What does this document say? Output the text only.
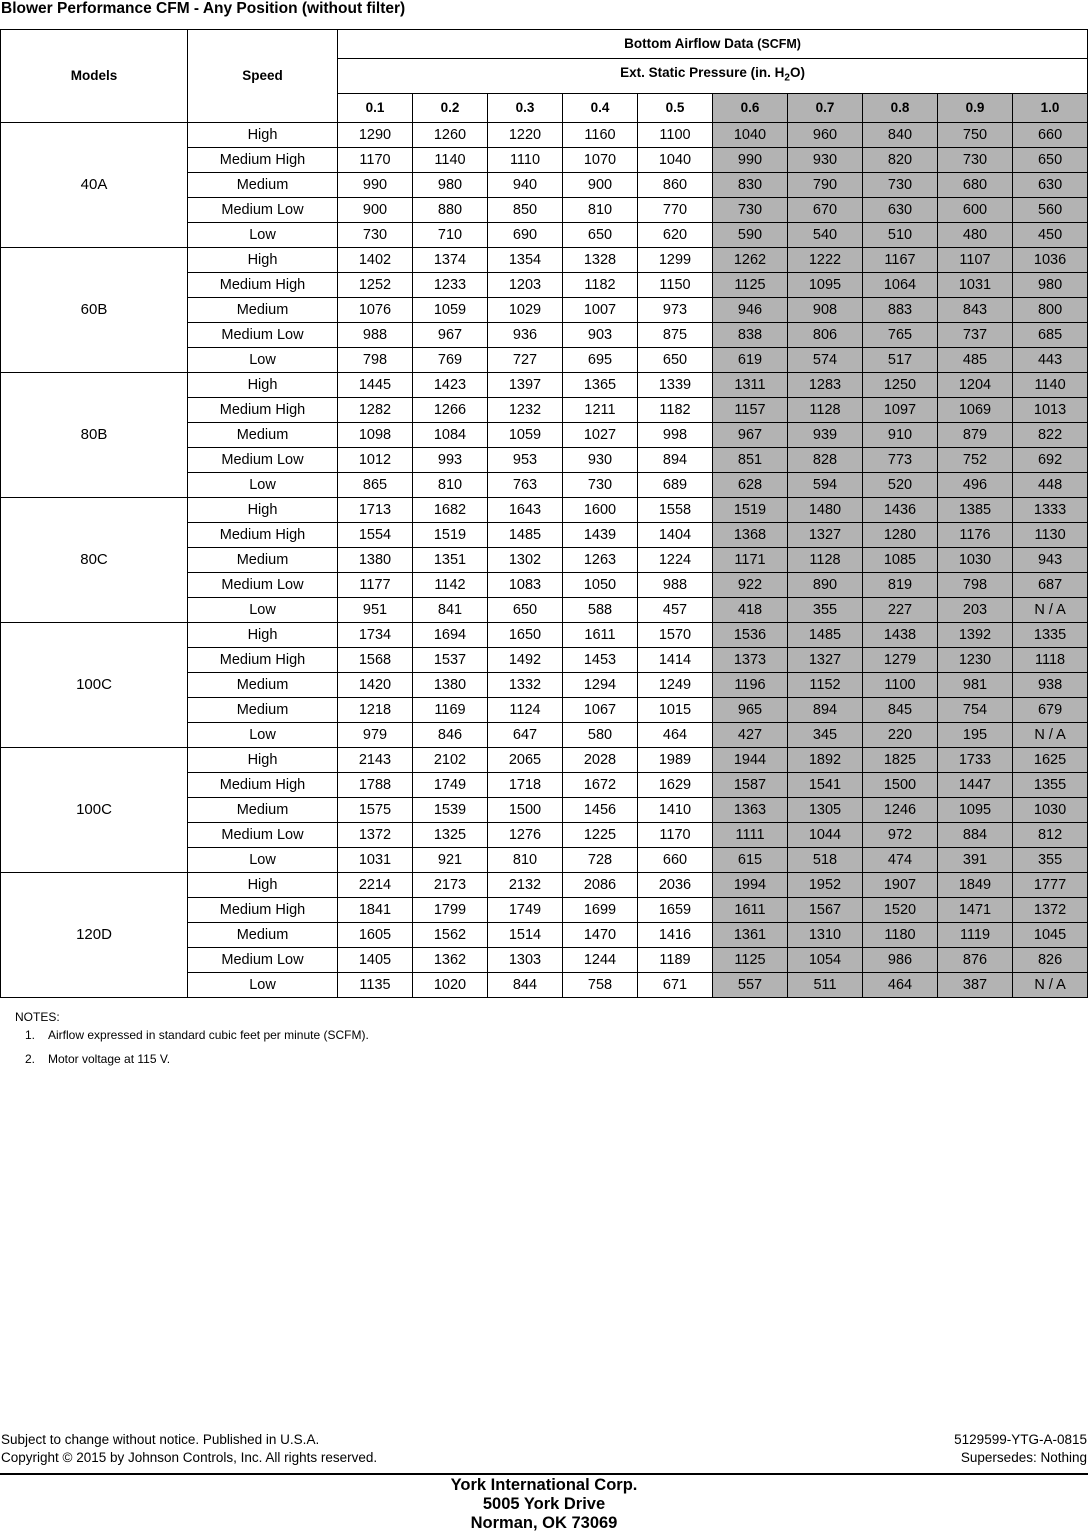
Blower Performance CFM - Any Position (without filter)
Models	Speed	Bottom Airflow Data (SCFM)									
		Ext. Static Pressure (in. $H_2O$)									
		0.1	0.2	0.3	0.4	0.5	0.6	0.7	0.8	0.9	1.0
40A	High	1290	1260	1220	1160	1100	1040	960	840	750	660
	Medium High	1170	1140	1110	1070	1040	990	930	820	730	650
	Medium	990	980	940	900	860	830	790	730	680	630
	Medium Low	900	880	850	810	770	730	670	630	600	560
	Low	730	710	690	650	620	590	540	510	480	450
60B	High	1402	1374	1354	1328	1299	1262	1222	1167	1107	1036
	Medium High	1252	1233	1203	1182	1150	1125	1095	1064	1031	980
	Medium	1076	1059	1029	1007	973	946	908	883	843	800
	Medium Low	988	967	936	903	875	838	806	765	737	685
	Low	798	769	727	695	650	619	574	517	485	443
80B	High	1445	1423	1397	1365	1339	1311	1283	1250	1204	1140
	Medium High	1282	1266	1232	1211	1182	1157	1128	1097	1069	1013
	Medium	1098	1084	1059	1027	998	967	939	910	879	822
	Medium Low	1012	993	953	930	894	851	828	773	752	692
	Low	865	810	763	730	689	628	594	520	496	448
80C	High	1713	1682	1643	1600	1558	1519	1480	1436	1385	1333
	Medium High	1554	1519	1485	1439	1404	1368	1327	1280	1176	1130
	Medium	1380	1351	1302	1263	1224	1171	1128	1085	1030	943
	Medium Low	1177	1142	1083	1050	988	922	890	819	798	687
	Low	951	841	650	588	457	418	355	227	203	N / A
100C	High	1734	1694	1650	1611	1570	1536	1485	1438	1392	1335
	Medium High	1568	1537	1492	1453	1414	1373	1327	1279	1230	1118
	Medium	1420	1380	1332	1294	1249	1196	1152	1100	981	938
	Medium	1218	1169	1124	1067	1015	965	894	845	754	679
	Low	979	846	647	580	464	427	345	220	195	N / A
100C	High	2143	2102	2065	2028	1989	1944	1892	1825	1733	1625
	Medium High	1788	1749	1718	1672	1629	1587	1541	1500	1447	1355
	Medium	1575	1539	1500	1456	1410	1363	1305	1246	1095	1030
	Medium Low	1372	1325	1276	1225	1170	1111	1044	972	884	812
	Low	1031	921	810	728	660	615	518	474	391	355
120D	High	2214	2173	2132	2086	2036	1994	1952	1907	1849	1777
	Medium High	1841	1799	1749	1699	1659	1611	1567	1520	1471	1372
	Medium	1605	1562	1514	1470	1416	1361	1310	1180	1119	1045
	Medium Low	1405	1362	1303	1244	1189	1125	1054	986	876	826
	Low	1135	1020	844	758	671	557	511	464	387	N / A
NOTES:
1. Airflow expressed in standard cubic feet per minute (SCFM).
2. Motor voltage at 115 V.
Subject to change without notice. Published in U.S.A.
Copyright © 2015 by Johnson Controls, Inc. All rights reserved.
5129599-YTG-A-0815
Supersedes: Nothing
York International Corp.
5005 York Drive
Norman, OK 73069
